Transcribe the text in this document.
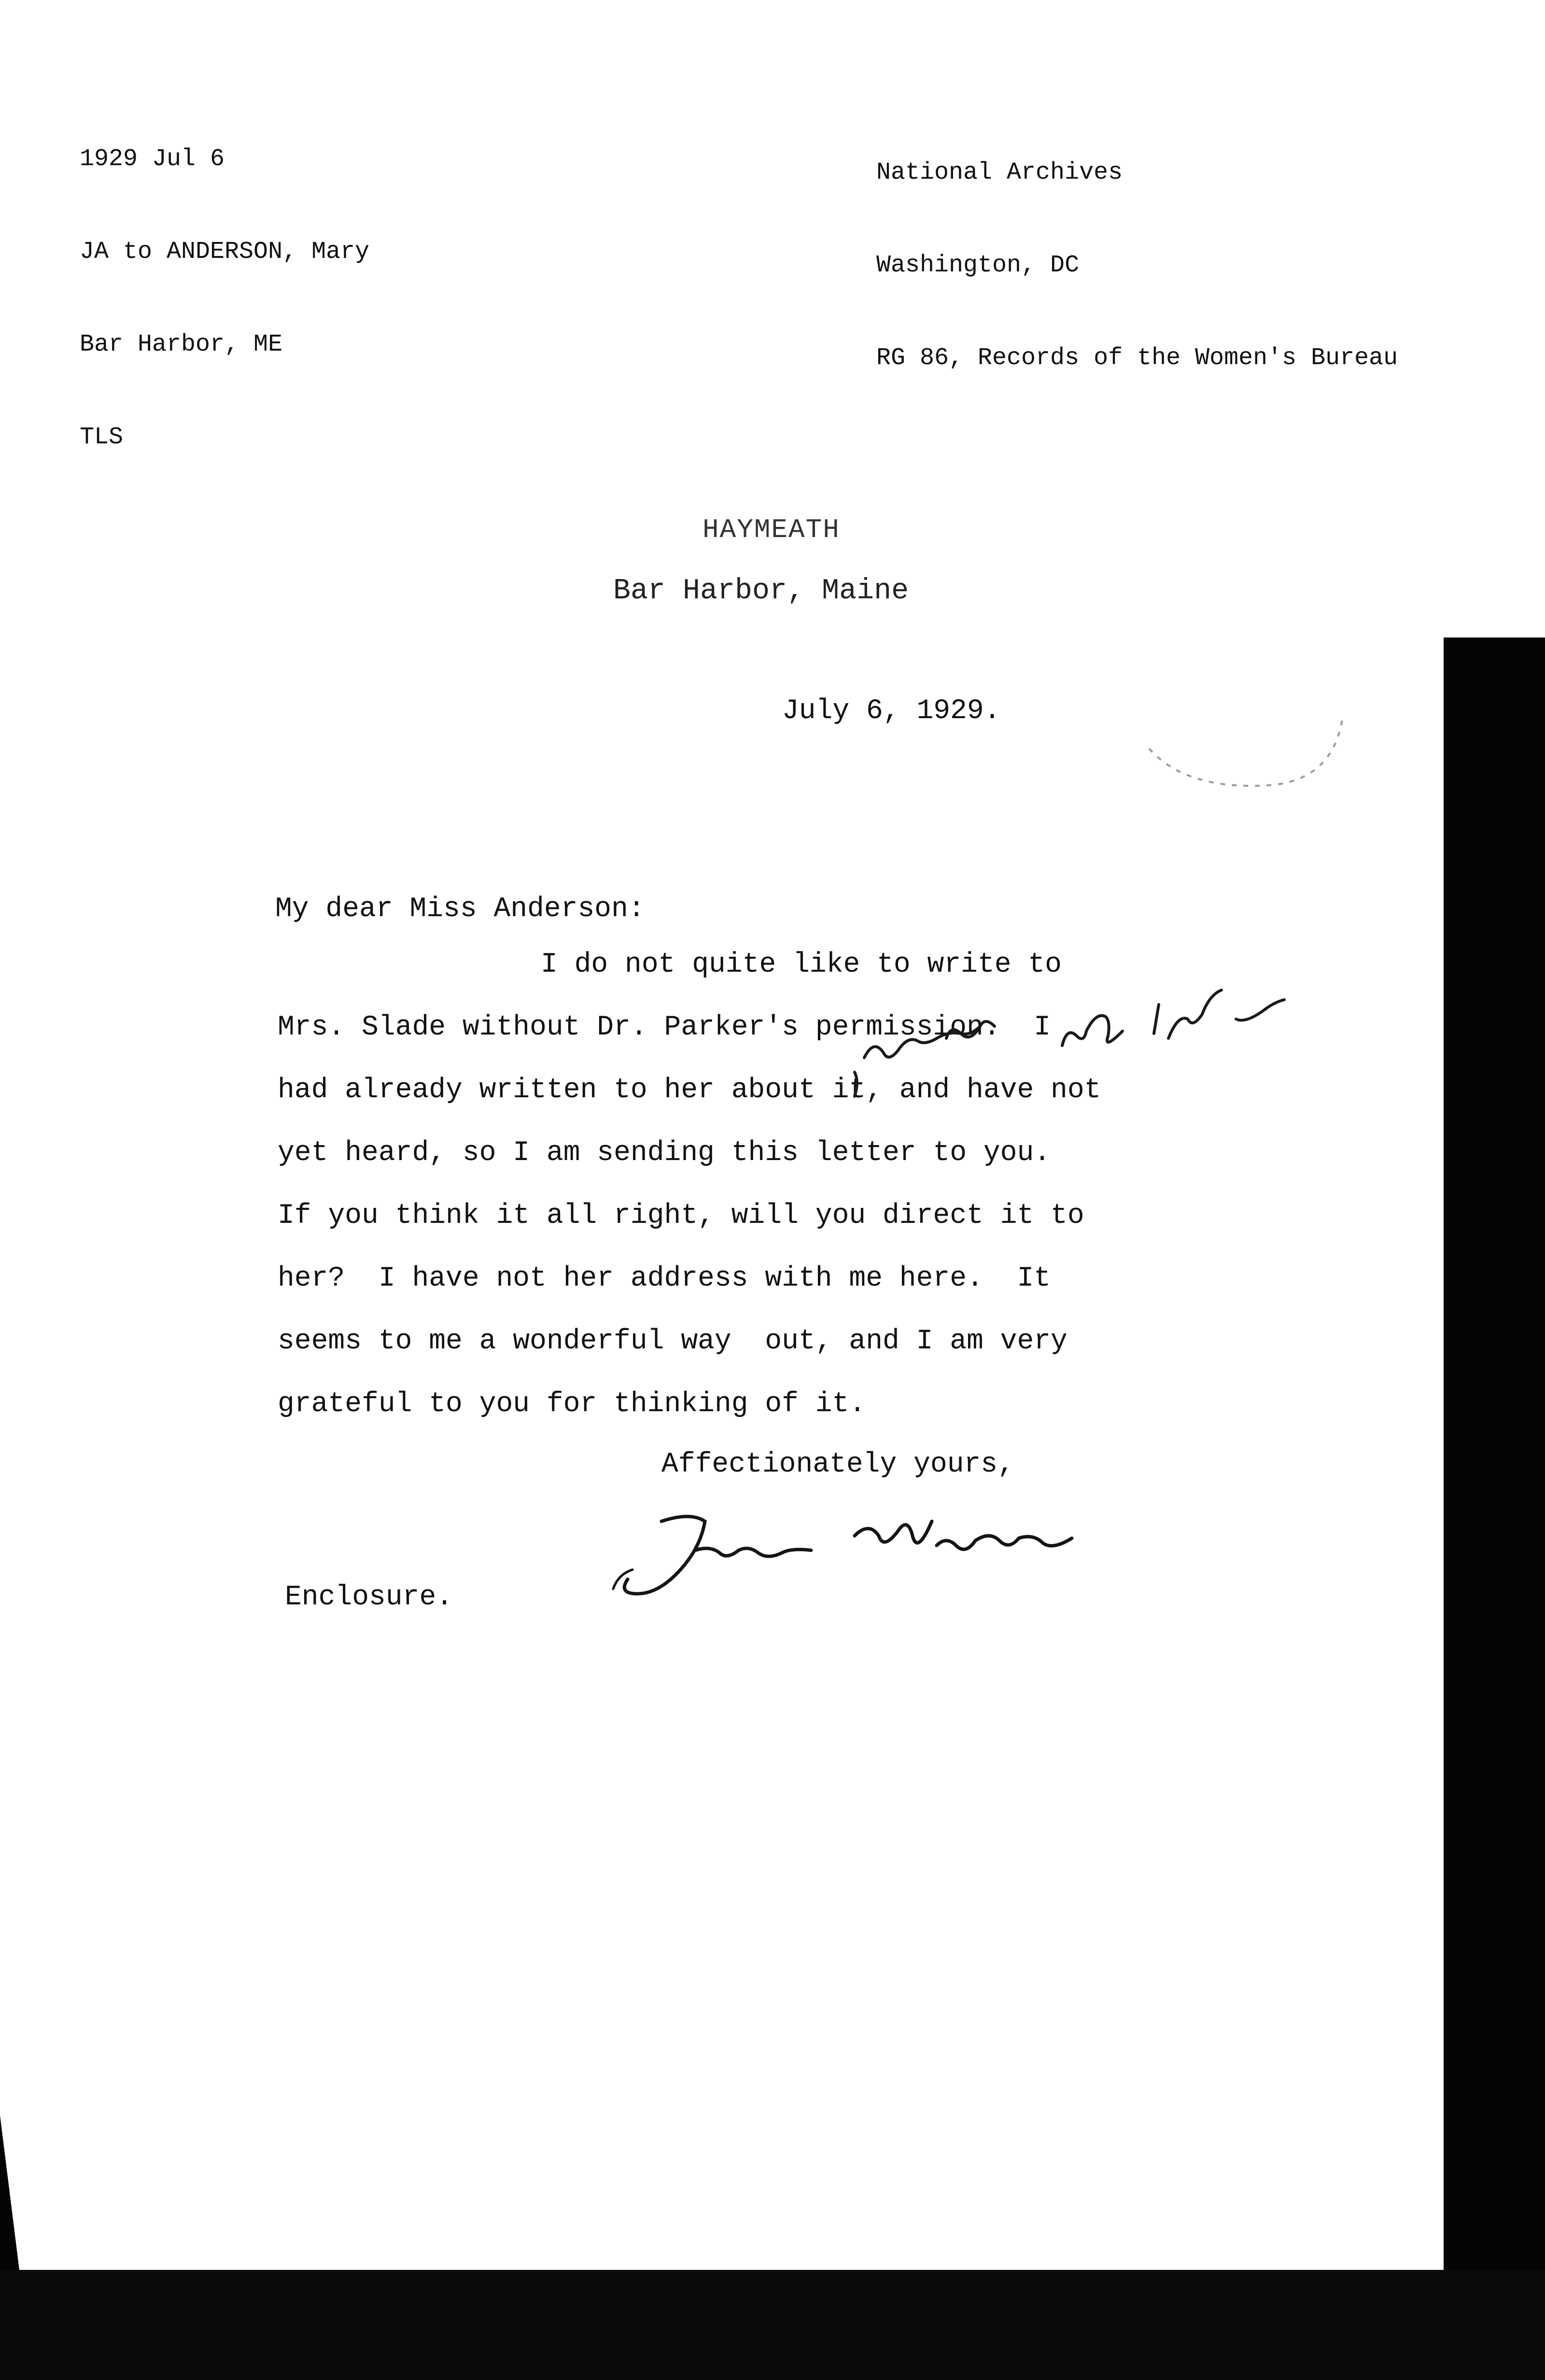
1929 Jul 6

JA to ANDERSON, Mary

Bar Harbor, ME

TLS

National Archives

Washington, DC

RG 86, Records of the Women's Bureau

HAYMEATH
Bar Harbor, Maine
July 6, 1929.
My dear Miss Anderson:
I do not quite like to write to
Mrs. Slade without Dr. Parker's permission.  I
had already written to her about it, and have not
yet heard, so I am sending this letter to you.
If you think it all right, will you direct it to
her?  I have not her address with me here.  It
seems to me a wonderful way  out, and I am very
grateful to you for thinking of it.
Affectionately yours,
Enclosure.
